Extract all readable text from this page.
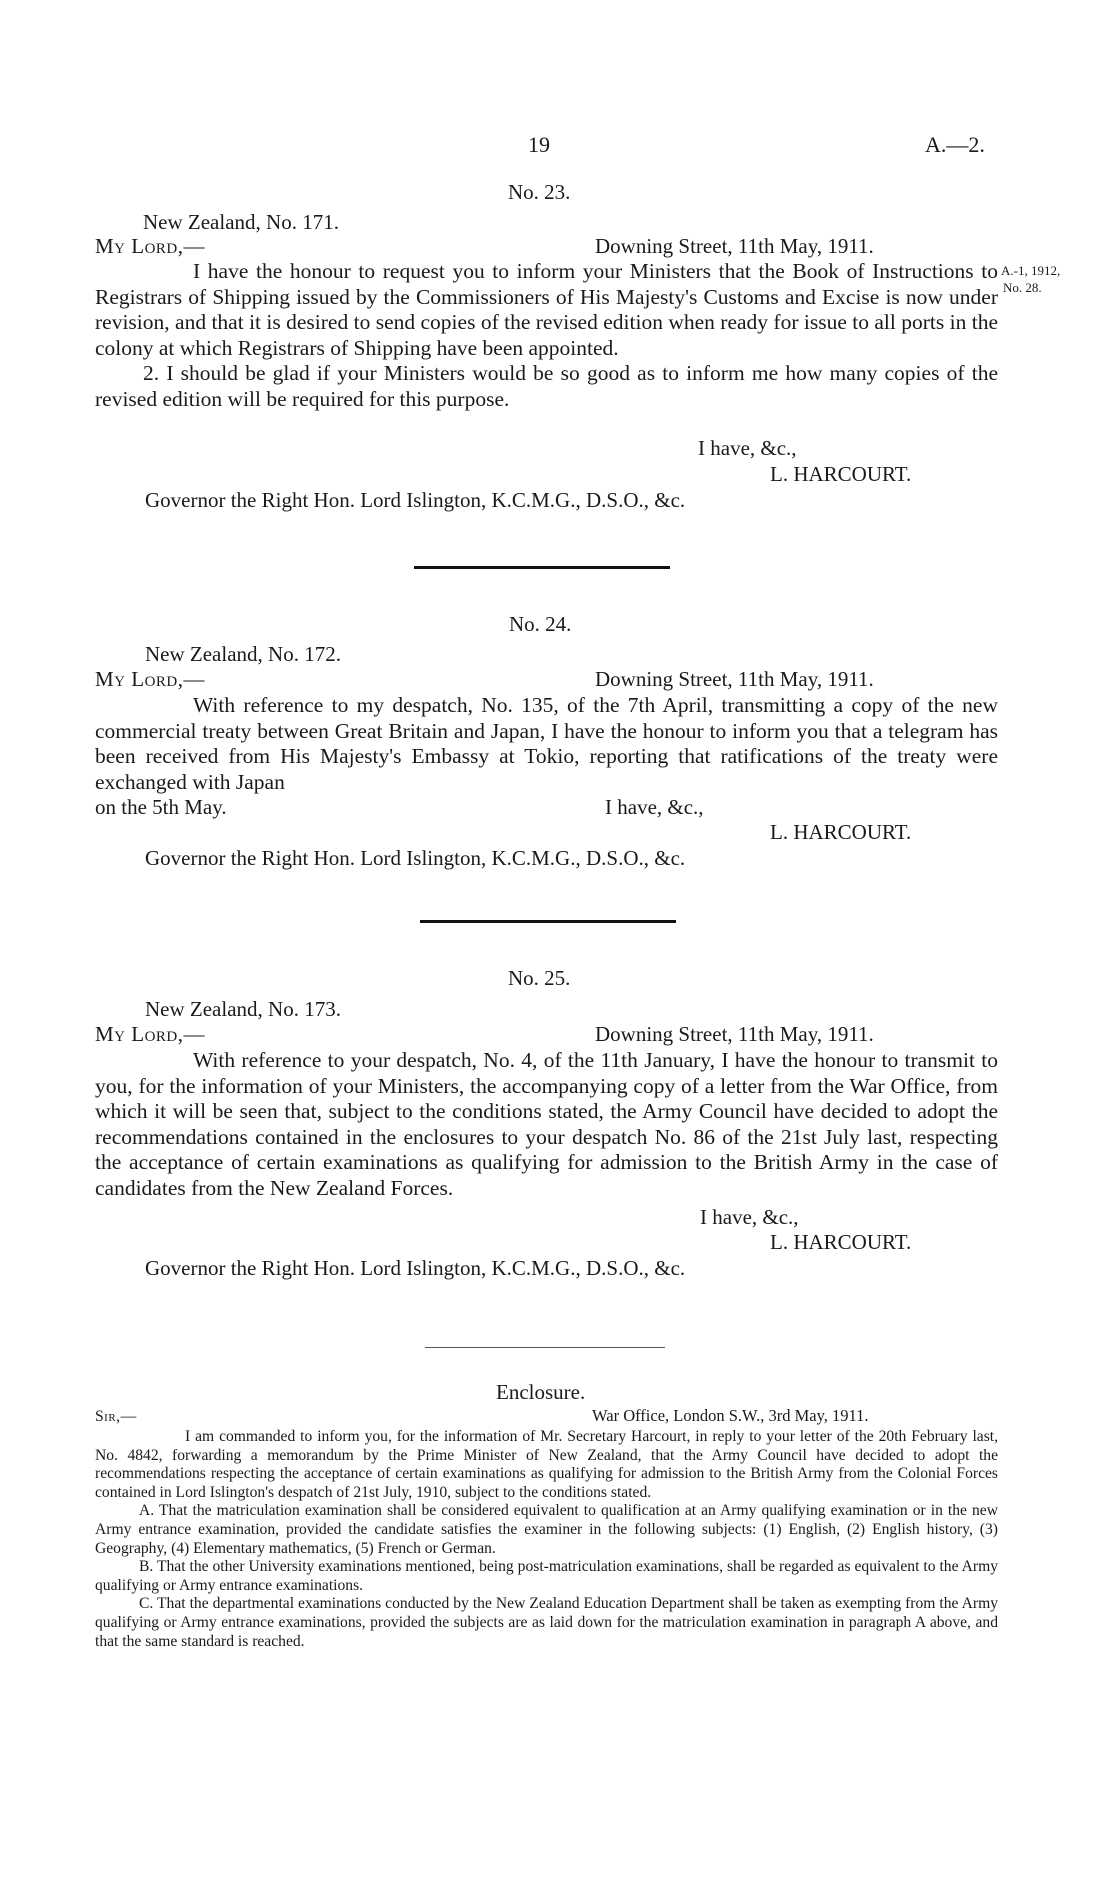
19	A.—2.
No. 23.
New Zealand, No. 171.
My Lord,—	Downing Street, 11th May, 1911.

I have the honour to request you to inform your Ministers that the Book of Instructions to Registrars of Shipping issued by the Commissioners of His Majesty's Customs and Excise is now under revision, and that it is desired to send copies of the revised edition when ready for issue to all ports in the colony at which Registrars of Shipping have been appointed.

2. I should be glad if your Ministers would be so good as to inform me how many copies of the revised edition will be required for this purpose.

A.-1, 1912,
No. 28.
I have, &c.,
L. HARCOURT.
Governor the Right Hon. Lord Islington, K.C.M.G., D.S.O., &c.
No. 24.
New Zealand, No. 172.
My Lord,—	Downing Street, 11th May, 1911.

With reference to my despatch, No. 135, of the 7th April, transmitting a copy of the new commercial treaty between Great Britain and Japan, I have the honour to inform you that a telegram has been received from His Majesty's Embassy at Tokio, reporting that ratifications of the treaty were exchanged with Japan

on the 5th May.	I have, &c.,
L. HARCOURT.
Governor the Right Hon. Lord Islington, K.C.M.G., D.S.O., &c.
No. 25.
New Zealand, No. 173.
My Lord,—	Downing Street, 11th May, 1911.

With reference to your despatch, No. 4, of the 11th January, I have the honour to transmit to you, for the information of your Ministers, the accompanying copy of a letter from the War Office, from which it will be seen that, subject to the conditions stated, the Army Council have decided to adopt the recommendations contained in the enclosures to your despatch No. 86 of the 21st July last, respecting the acceptance of certain examinations as qualifying for admission to the British Army in the case of candidates from the New Zealand Forces.

I have, &c.,
L. HARCOURT.
Governor the Right Hon. Lord Islington, K.C.M.G., D.S.O., &c.
Enclosure.
Sir,—	War Office, London S.W., 3rd May, 1911.

I am commanded to inform you, for the information of Mr. Secretary Harcourt, in reply to your letter of the 20th February last, No. 4842, forwarding a memorandum by the Prime Minister of New Zealand, that the Army Council have decided to adopt the recommendations respecting the acceptance of certain examinations as qualifying for admission to the British Army from the Colonial Forces contained in Lord Islington's despatch of 21st July, 1910, subject to the conditions stated.

A. That the matriculation examination shall be considered equivalent to qualification at an Army qualifying examination or in the new Army entrance examination, provided the candidate satisfies the examiner in the following subjects: (1) English, (2) English history, (3) Geography, (4) Elementary mathematics, (5) French or German.

B. That the other University examinations mentioned, being post-matriculation examinations, shall be regarded as equivalent to the Army qualifying or Army entrance examinations.

C. That the departmental examinations conducted by the New Zealand Education Department shall be taken as exempting from the Army qualifying or Army entrance examinations, provided the subjects are as laid down for the matriculation examination in paragraph A above, and that the same standard is reached.
